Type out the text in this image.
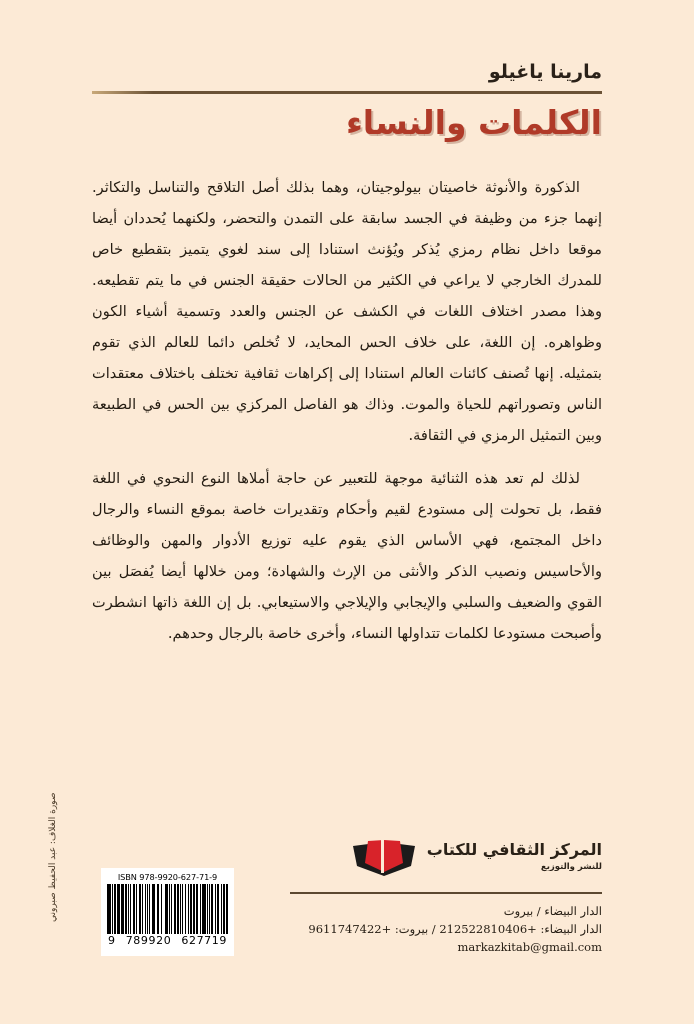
مارينا ياغيلو
الكلمات والنساء

الذكورة والأنوثة خاصيتان بيولوجيتان، وهما بذلك أصل التلاقح والتناسل والتكاثر. إنهما جزء من وظيفة في الجسد سابقة على التمدن والتحضر، ولكنهما يُحددان أيضا موقعا داخل نظام رمزي يُذكر ويُؤنث استنادا إلى سند لغوي يتميز بتقطيع خاص للمدرك الخارجي لا يراعي في الكثير من الحالات حقيقة الجنس في ما يتم تقطيعه. وهذا مصدر اختلاف اللغات في الكشف عن الجنس والعدد وتسمية أشياء الكون وظواهره. إن اللغة، على خلاف الحس المحايد، لا تُخلص دائما للعالم الذي تقوم بتمثيله. إنها تُصنف كائنات العالم استنادا إلى إكراهات ثقافية تختلف باختلاف معتقدات الناس وتصوراتهم للحياة والموت. وذاك هو الفاصل المركزي بين الحس في الطبيعة وبين التمثيل الرمزي في الثقافة.

لذلك لم تعد هذه الثنائية موجهة للتعبير عن حاجة أملاها النوع النحوي في اللغة فقط، بل تحولت إلى مستودع لقيم وأحكام وتقديرات خاصة بموقع النساء والرجال داخل المجتمع، فهي الأساس الذي يقوم عليه توزيع الأدوار والمهن والوظائف والأحاسيس ونصيب الذكر والأنثى من الإرث والشهادة؛ ومن خلالها أيضا يُفصَل بين القوي والضعيف والسلبي والإيجابي والإيلاجي والاستيعابي. بل إن اللغة ذاتها انشطرت وأصبحت مستودعا لكلمات تتداولها النساء، وأخرى خاصة بالرجال وحدهم.

صورة الغلاف: عبد الحفيظ صبروني	المركز الثقافي للكتاب
للنشر والتوزيع
الدار البيضاء / بيروت
الدار البيضاء: +212522810406 / بيروت: +9611747422
markazkitab@gmail.com
ISBN 978-9920-627-71-9
9 789920 627719
